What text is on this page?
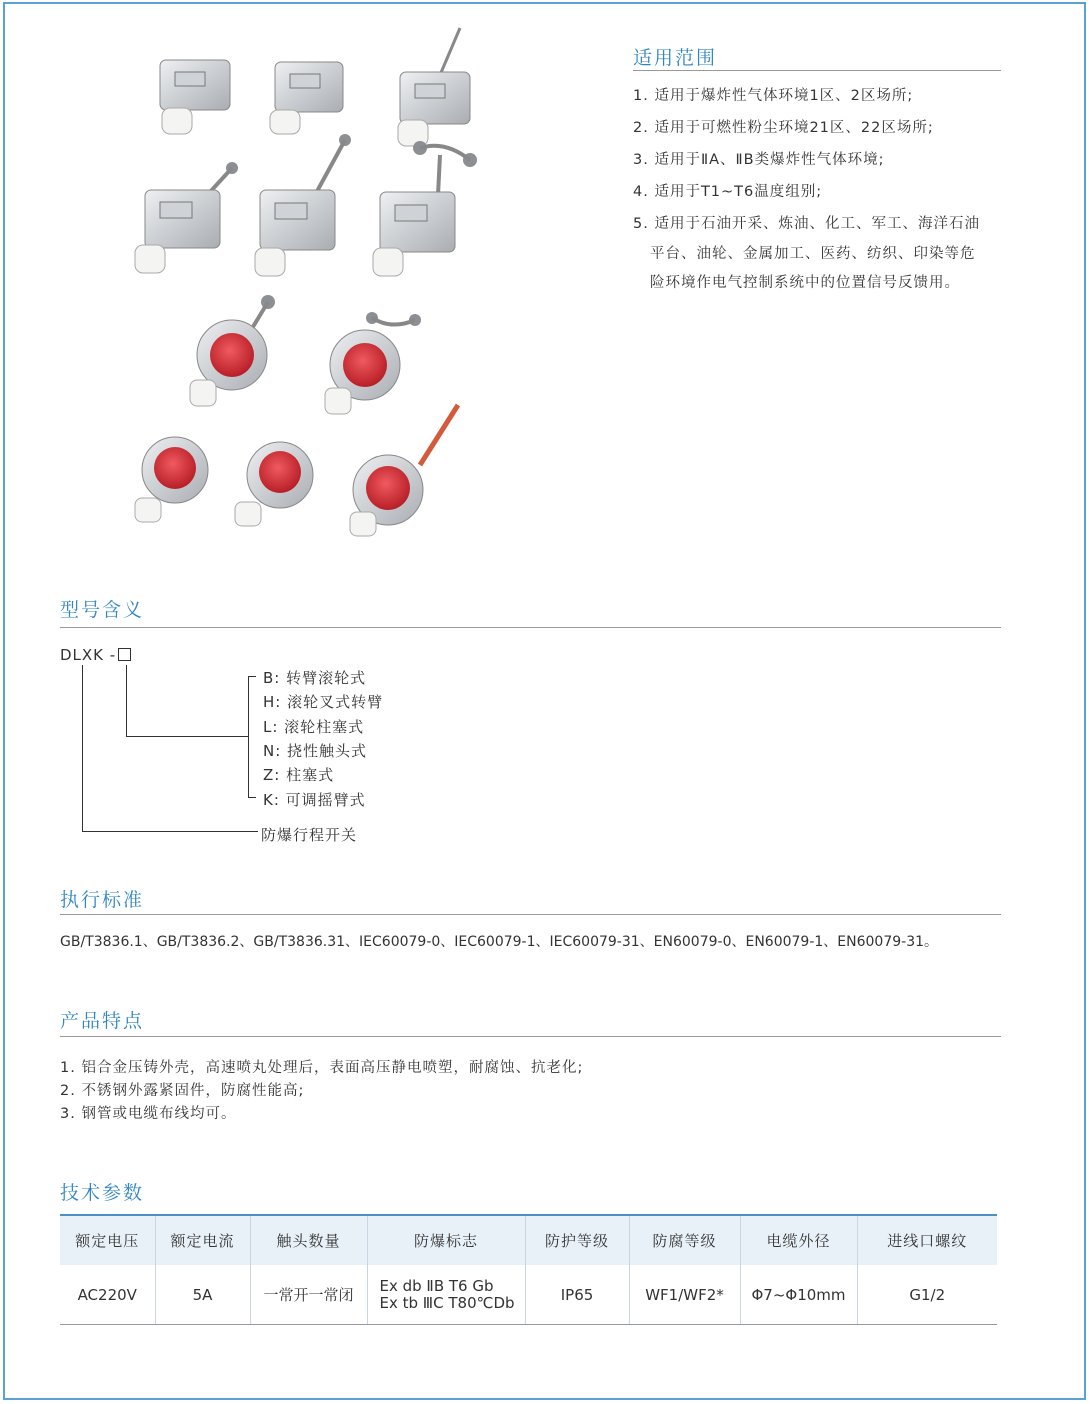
适用范围
1. 适用于爆炸性气体环境1区、2区场所;
2. 适用于可燃性粉尘环境21区、22区场所;
3. 适用于ⅡA、ⅡB类爆炸性气体环境;
4. 适用于T1~T6温度组别;
5. 适用于石油开采、炼油、化工、军工、海洋石油
平台、油轮、金属加工、医药、纺织、印染等危
险环境作电气控制系统中的位置信号反馈用。
型号含义
DLXK -
B: 转臂滚轮式
H: 滚轮叉式转臂
L: 滚轮柱塞式
N: 挠性触头式
Z: 柱塞式
K: 可调摇臂式
防爆行程开关
执行标准
GB/T3836.1、GB/T3836.2、GB/T3836.31、IEC60079-0、IEC60079-1、IEC60079-31、EN60079-0、EN60079-1、EN60079-31。
产品特点
1. 铝合金压铸外壳，高速喷丸处理后，表面高压静电喷塑，耐腐蚀、抗老化;
2. 不锈钢外露紧固件，防腐性能高;
3. 钢管或电缆布线均可。
技术参数
额定电压	额定电流	触头数量	防爆标志	防护等级	防腐等级	电缆外径	进线口螺纹
AC220V	5A	一常开一常闭	Ex db ⅡB T6 Gb
Ex tb ⅢC T80℃Db	IP65	WF1/WF2*	Φ7~Φ10mm	G1/2
